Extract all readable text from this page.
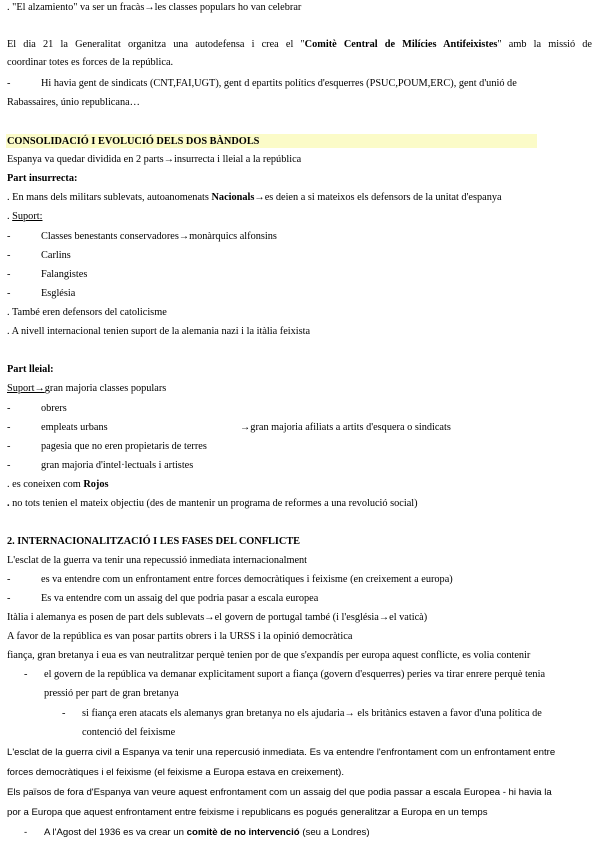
. "El alzamiento" va ser un fracàs→les classes populars ho van celebrar
El dia 21 la Generalitat organitza una autodefensa i crea el "Comitè Central de Milícies Antifeixistes" amb la missió de
coordinar totes es forces de la república.
-	Hi havia gent de sindicats (CNT,FAI,UGT), gent d epartits polítics d'esquerres (PSUC,POUM,ERC), gent d'unió de
Rabassaires, únio republicana…
CONSOLIDACIÓ I EVOLUCIÓ DELS DOS BÀNDOLS
Espanya va quedar dividida en 2 parts→insurrecta i lleial a la república
Part insurrecta:
. En mans dels militars sublevats, autoanomenats Nacionals→es deien a si mateixos els defensors de la unitat d'espanya
. Suport:
-	Classes benestants conservadores→monàrquics alfonsins
-	Carlins
-	Falangistes
-	Església
. També eren defensors del catolicisme
. A nivell internacional tenien suport de la alemania nazi i la itàlia feixista
Part lleial:
Suport→gran majoria classes populars
-	obrers
-	empleats urbans	→gran majoria afiliats a artits d'esquera o sindicats
-	pagesia que no eren propietaris de terres
-	gran majoria d'intel·lectuals i artistes
. es coneixen com Rojos
. no tots tenien el mateix objectiu (des de mantenir un programa de reformes a una revolució social)
2. INTERNACIONALITZACIÓ I LES FASES DEL CONFLICTE
L'esclat de la guerra va tenir una repecussió inmediata internacionalment
-	es va entendre com un enfrontament entre forces democràtiques i feixisme (en creixement a europa)
-	Es va entendre com un assaig del que podria pasar a escala europea
Itàlia i alemanya es posen de part dels sublevats→el govern de portugal també (i l'església→el vaticà)
A favor de la república es van posar partits obrers i la URSS i la opinió democràtica
fiança, gran bretanya i eua es van neutralitzar perquè tenien por de que s'expandís per europa aquest conflicte, es volia contenir
- el govern de la república va demanar explicitament suport a fiança (govern d'esquerres) peries va tirar enrere perquè tenia
pressió per part de gran bretanya
- si fiança eren atacats els alemanys gran bretanya no els ajudaria→ els britànics estaven a favor d'una política de
contenció del feixisme
L'esclat de la guerra civil a Espanya va tenir una repercusió inmediata. Es va entendre l'enfrontament com un enfrontament entre
forces democràtiques i el feixisme (el feixisme a Europa estava en creixement).
Els països de fora d'Espanya van veure aquest enfrontament com un assaig del que podia passar a escala Europea - hi havia la
por a Europa que aquest enfrontament entre feixisme i republicans es pogués generalitzar a Europa en un temps
- A l'Agost del 1936 es va crear un comitè de no intervenció (seu a Londres)
